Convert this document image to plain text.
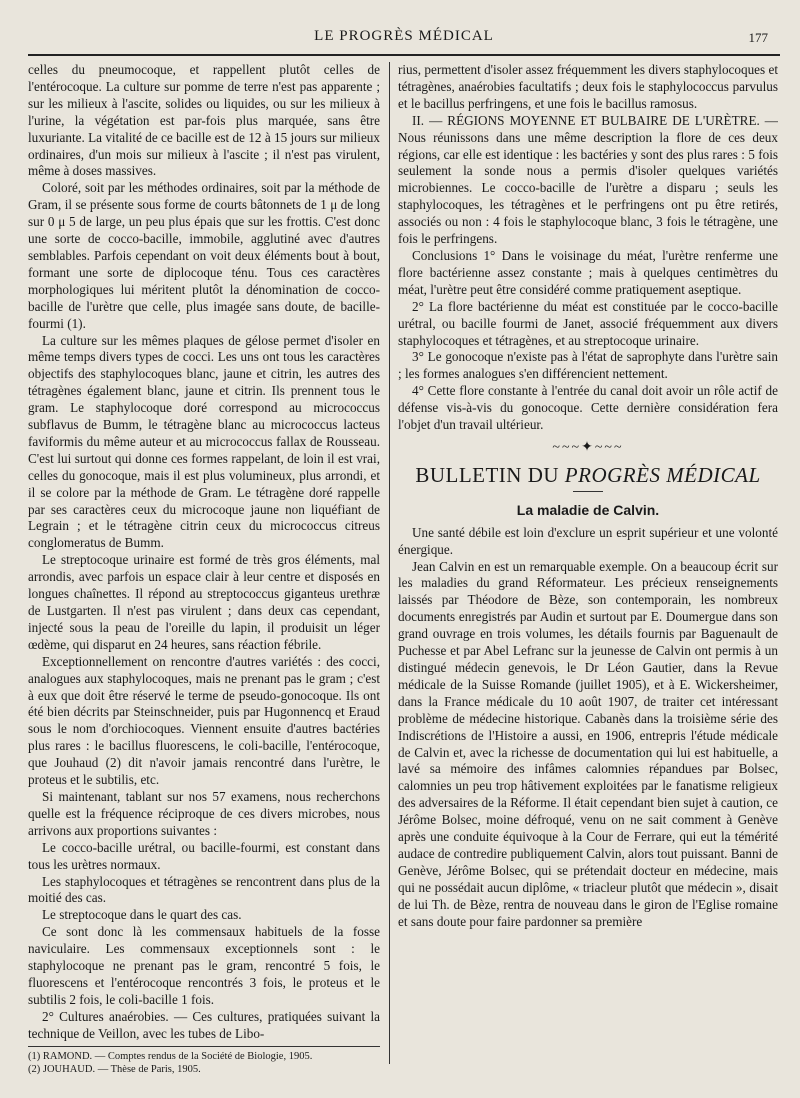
LE PROGRÈS MÉDICAL	177

celles du pneumocoque, et rappellent plutôt celles de l'entérocoque. La culture sur pomme de terre n'est pas apparente ; sur les milieux à l'ascite, solides ou liquides, ou sur les milieux à l'urine, la végétation est par-fois plus marquée, sans être luxuriante. La vitalité de ce bacille est de 12 à 15 jours sur milieux ordinaires, d'un mois sur milieux à l'ascite ; il n'est pas virulent, même à doses massives.

Coloré, soit par les méthodes ordinaires, soit par la méthode de Gram, il se présente sous forme de courts bâtonnets de 1 μ de long sur 0 μ 5 de large, un peu plus épais que sur les frottis. C'est donc une sorte de cocco-bacille, immobile, agglutiné avec d'autres semblables. Parfois cependant on voit deux éléments bout à bout, formant une sorte de diplocoque ténu. Tous ces caractères morphologiques lui méritent plutôt la dénomination de cocco-bacille de l'urètre que celle, plus imagée sans doute, de bacille-fourmi (1).

La culture sur les mêmes plaques de gélose permet d'isoler en même temps divers types de cocci. Les uns ont tous les caractères objectifs des staphylocoques blanc, jaune et citrin, les autres des tétragènes également blanc, jaune et citrin. Ils prennent tous le gram. Le staphylocoque doré correspond au micrococcus subflavus de Bumm, le tétragène blanc au micrococcus lacteus faviformis du même auteur et au micrococcus fallax de Rousseau. C'est lui surtout qui donne ces formes rappelant, de loin il est vrai, celles du gonocoque, mais il est plus volumineux, plus arrondi, et il se colore par la méthode de Gram. Le tétragène doré rappelle par ses caractères ceux du microcoque jaune non liquéfiant de Legrain ; et le tétragène citrin ceux du micrococcus citreus conglomeratus de Bumm.

Le streptocoque urinaire est formé de très gros éléments, mal arrondis, avec parfois un espace clair à leur centre et disposés en longues chaînettes. Il répond au streptococcus giganteus urethræ de Lustgarten. Il n'est pas virulent ; dans deux cas cependant, injecté sous la peau de l'oreille du lapin, il produisit un léger œdème, qui disparut en 24 heures, sans réaction fébrile.

Exceptionnellement on rencontre d'autres variétés : des cocci, analogues aux staphylocoques, mais ne prenant pas le gram ; c'est à eux que doit être réservé le terme de pseudo-gonocoque. Ils ont été bien décrits par Steinschneider, puis par Hugonnencq et Eraud sous le nom d'orchiocoques. Viennent ensuite d'autres bactéries plus rares : le bacillus fluorescens, le coli-bacille, l'entérocoque, que Jouhaud (2) dit n'avoir jamais rencontré dans l'urètre, le proteus et le subtilis, etc.

Si maintenant, tablant sur nos 57 examens, nous recherchons quelle est la fréquence réciproque de ces divers microbes, nous arrivons aux proportions suivantes :

Le cocco-bacille urétral, ou bacille-fourmi, est constant dans tous les urètres normaux.

Les staphylocoques et tétragènes se rencontrent dans plus de la moitié des cas.

Le streptocoque dans le quart des cas.

Ce sont donc là les commensaux habituels de la fosse naviculaire. Les commensaux exceptionnels sont : le staphylocoque ne prenant pas le gram, rencontré 5 fois, le fluorescens et l'entérocoque rencontrés 3 fois, le proteus et le subtilis 2 fois, le coli-bacille 1 fois.

2° Cultures anaérobies. — Ces cultures, pratiquées suivant la technique de Veillon, avec les tubes de Libo-

(1) RAMOND. — Comptes rendus de la Société de Biologie, 1905.
(2) JOUHAUD. — Thèse de Paris, 1905.

rius, permettent d'isoler assez fréquemment les divers staphylocoques et tétragènes, anaérobies facultatifs ; deux fois le staphylococcus parvulus et le bacillus perfringens, et une fois le bacillus ramosus.

II. — RÉGIONS MOYENNE ET BULBAIRE DE L'URÈTRE. — Nous réunissons dans une même description la flore de ces deux régions, car elle est identique : les bactéries y sont des plus rares : 5 fois seulement la sonde nous a permis d'isoler quelques variétés microbiennes. Le cocco-bacille de l'urètre a disparu ; seuls les staphylocoques, les tétragènes et le perfringens ont pu être retirés, associés ou non : 4 fois le staphylocoque blanc, 3 fois le tétragène, une fois le perfringens.

Conclusions 1° Dans le voisinage du méat, l'urètre renferme une flore bactérienne assez constante ; mais à quelques centimètres du méat, l'urètre peut être considéré comme pratiquement aseptique.

2° La flore bactérienne du méat est constituée par le cocco-bacille urétral, ou bacille fourmi de Janet, associé fréquemment aux divers staphylocoques et tétragènes, et au streptocoque urinaire.

3° Le gonocoque n'existe pas à l'état de saprophyte dans l'urètre sain ; les formes analogues s'en différencient nettement.

4° Cette flore constante à l'entrée du canal doit avoir un rôle actif de défense vis-à-vis du gonocoque. Cette dernière considération fera l'objet d'un travail ultérieur.

~~~✦~~~
BULLETIN DU PROGRÈS MÉDICAL
La maladie de Calvin.

Une santé débile est loin d'exclure un esprit supérieur et une volonté énergique.

Jean Calvin en est un remarquable exemple. On a beaucoup écrit sur les maladies du grand Réformateur. Les précieux renseignements laissés par Théodore de Bèze, son contemporain, les nombreux documents enregistrés par Audin et surtout par E. Doumergue dans son grand ouvrage en trois volumes, les détails fournis par Baguenault de Puchesse et par Abel Lefranc sur la jeunesse de Calvin ont permis à un distingué médecin genevois, le Dr Léon Gautier, dans la Revue médicale de la Suisse Romande (juillet 1905), et à E. Wickersheimer, dans la France médicale du 10 août 1907, de traiter cet intéressant problème de médecine historique. Cabanès dans la troisième série des Indiscrétions de l'Histoire a aussi, en 1906, entrepris l'étude médicale de Calvin et, avec la richesse de documentation qui lui est habituelle, a lavé sa mémoire des infâmes calomnies répandues par Bolsec, calomnies un peu trop hâtivement exploitées par le fanatisme religieux des adversaires de la Réforme. Il était cependant bien sujet à caution, ce Jérôme Bolsec, moine défroqué, venu on ne sait comment à Genève après une conduite équivoque à la Cour de Ferrare, qui eut la témérité audace de contredire publiquement Calvin, alors tout puissant. Banni de Genève, Jérôme Bolsec, qui se prétendait docteur en médecine, mais qui ne possédait aucun diplôme, « triacleur plutôt que médecin », disait de lui Th. de Bèze, rentra de nouveau dans le giron de l'Eglise romaine et sans doute pour faire pardonner sa première
